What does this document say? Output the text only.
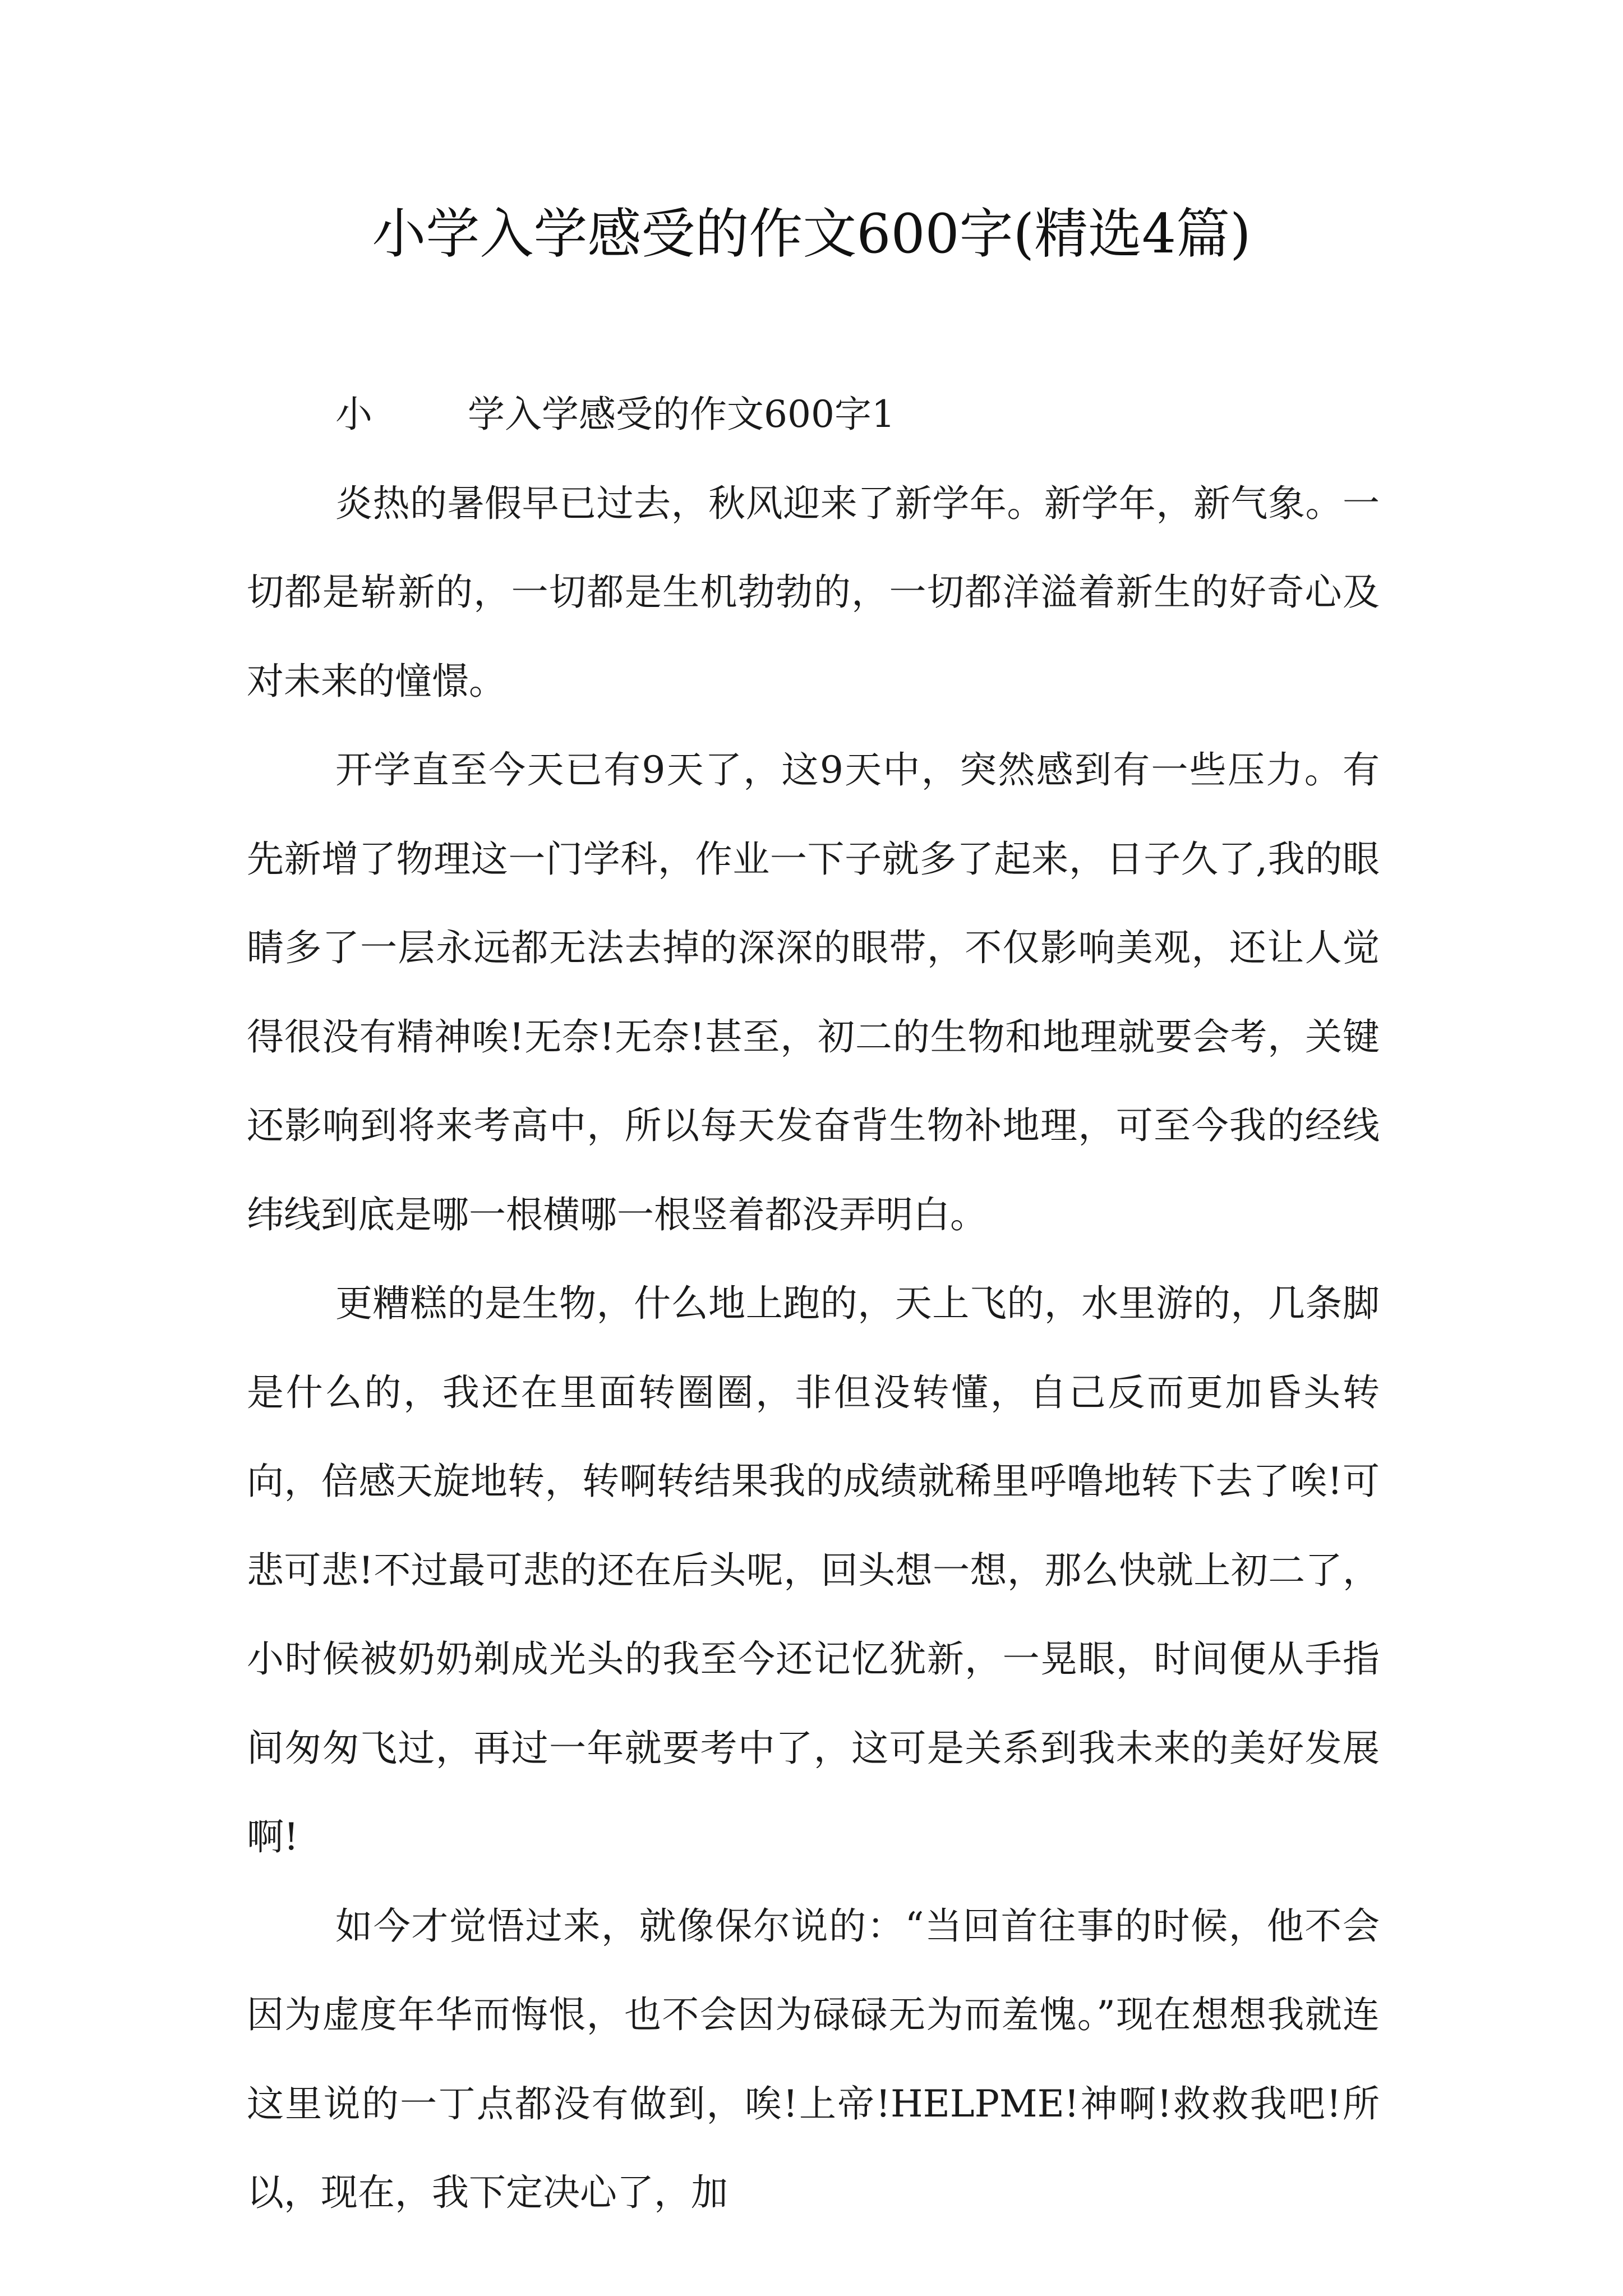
小学入学感受的作文600字(精选4篇)

小	学入学感受的作文600字1

炎热的暑假早已过去，秋风迎来了新学年。新学年，新气象。一切都是崭新的，一切都是生机勃勃的，一切都洋溢着新生的好奇心及对未来的憧憬。

开学直至今天已有9天了，这9天中，突然感到有一些压力。有先新增了物理这一门学科，作业一下子就多了起来，日子久了,我的眼睛多了一层永远都无法去掉的深深的眼带，不仅影响美观，还让人觉得很没有精神唉!无奈!无奈!甚至，初二的生物和地理就要会考，关键还影响到将来考高中，所以每天发奋背生物补地理，可至今我的经线纬线到底是哪一根横哪一根竖着都没弄明白。

更糟糕的是生物，什么地上跑的，天上飞的，水里游的，几条脚是什么的，我还在里面转圈圈，非但没转懂，自己反而更加昏头转向，倍感天旋地转，转啊转结果我的成绩就稀里呼噜地转下去了唉!可悲可悲!不过最可悲的还在后头呢，回头想一想，那么快就上初二了，小时候被奶奶剃成光头的我至今还记忆犹新，一晃眼，时间便从手指间匆匆飞过，再过一年就要考中了，这可是关系到我未来的美好发展啊!

如今才觉悟过来，就像保尔说的：“当回首往事的时候，他不会因为虚度年华而悔恨，也不会因为碌碌无为而羞愧。”现在想想我就连这里说的一丁点都没有做到，唉!上帝!HELPME!神啊!救救我吧!所以，现在，我下定决心了，加
